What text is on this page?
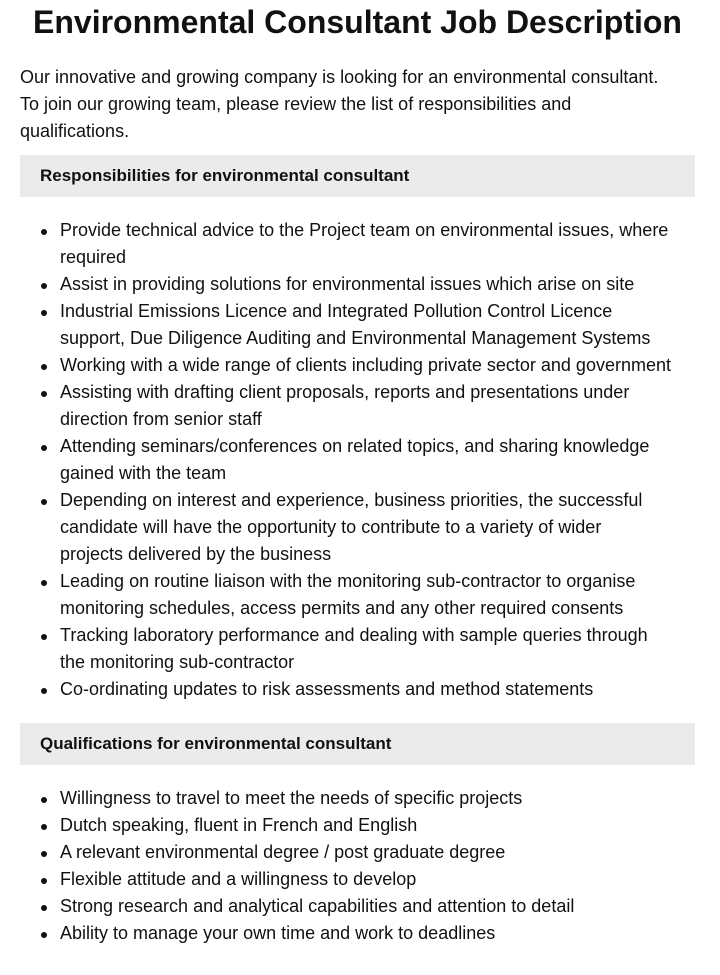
Environmental Consultant Job Description

Our innovative and growing company is looking for an environmental consultant.
To join our growing team, please review the list of responsibilities and
qualifications.

Responsibilities for environmental consultant
Provide technical advice to the Project team on environmental issues, where
required
Assist in providing solutions for environmental issues which arise on site
Industrial Emissions Licence and Integrated Pollution Control Licence
support, Due Diligence Auditing and Environmental Management Systems
Working with a wide range of clients including private sector and government
Assisting with drafting client proposals, reports and presentations under
direction from senior staff
Attending seminars/conferences on related topics, and sharing knowledge
gained with the team
Depending on interest and experience, business priorities, the successful
candidate will have the opportunity to contribute to a variety of wider
projects delivered by the business
Leading on routine liaison with the monitoring sub-contractor to organise
monitoring schedules, access permits and any other required consents
Tracking laboratory performance and dealing with sample queries through
the monitoring sub-contractor
Co-ordinating updates to risk assessments and method statements
Qualifications for environmental consultant
Willingness to travel to meet the needs of specific projects
Dutch speaking, fluent in French and English
A relevant environmental degree / post graduate degree
Flexible attitude and a willingness to develop
Strong research and analytical capabilities and attention to detail
Ability to manage your own time and work to deadlines
